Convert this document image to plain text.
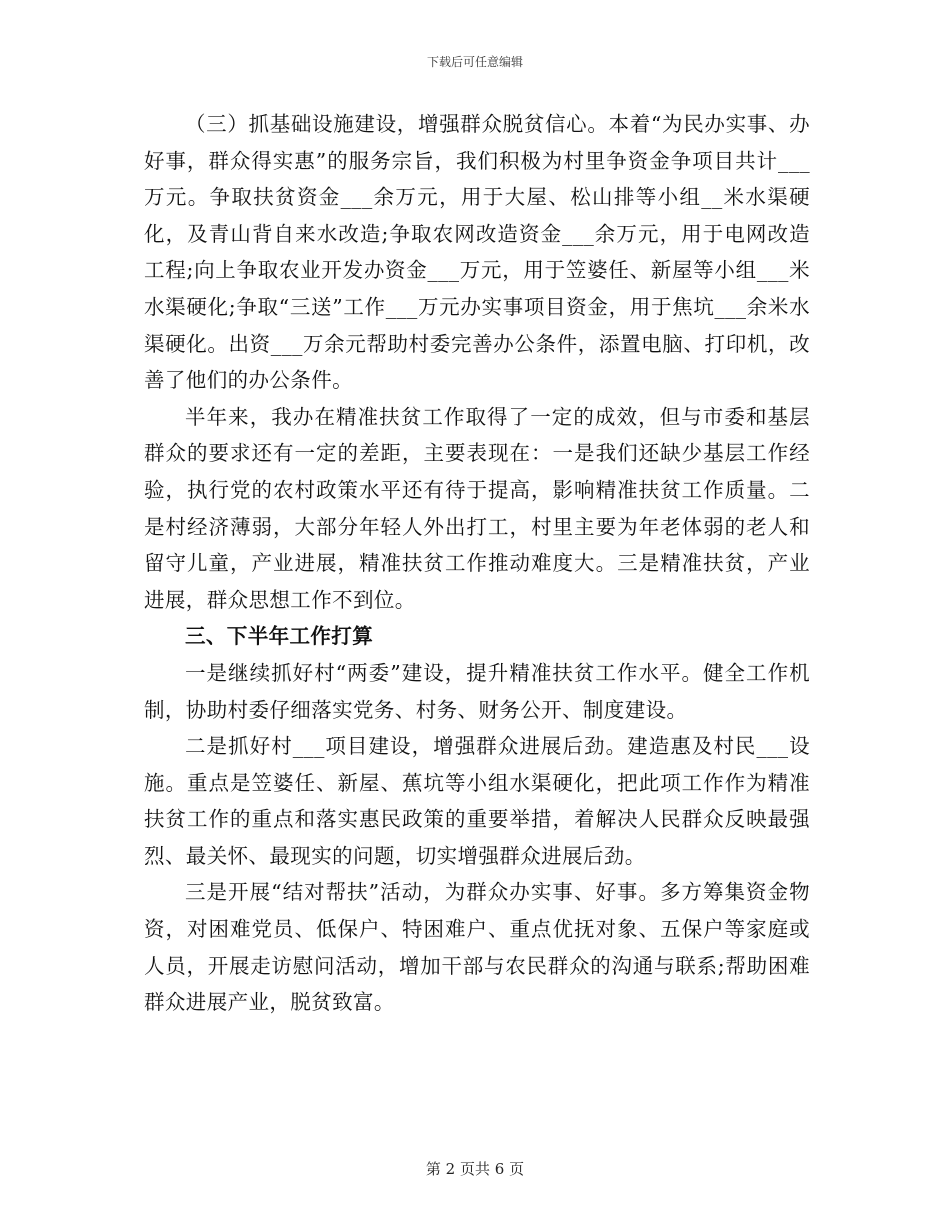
下载后可任意编辑

（三）抓基础设施建设，增强群众脱贫信心。本着“为民办实事、办好事，群众得实惠”的服务宗旨，我们积极为村里争资金争项目共计___万元。争取扶贫资金___余万元，用于大屋、松山排等小组__米水渠硬化，及青山背自来水改造;争取农网改造资金___余万元，用于电网改造工程;向上争取农业开发办资金___万元，用于笠婆任、新屋等小组___米水渠硬化;争取“三送”工作___万元办实事项目资金，用于焦坑___余米水渠硬化。出资___万余元帮助村委完善办公条件，添置电脑、打印机，改善了他们的办公条件。

半年来，我办在精准扶贫工作取得了一定的成效，但与市委和基层群众的要求还有一定的差距，主要表现在：一是我们还缺少基层工作经验，执行党的农村政策水平还有待于提高，影响精准扶贫工作质量。二是村经济薄弱，大部分年轻人外出打工，村里主要为年老体弱的老人和留守儿童，产业进展，精准扶贫工作推动难度大。三是精准扶贫，产业进展，群众思想工作不到位。

三、下半年工作打算

一是继续抓好村“两委”建设，提升精准扶贫工作水平。健全工作机制，协助村委仔细落实党务、村务、财务公开、制度建设。

二是抓好村___项目建设，增强群众进展后劲。建造惠及村民___设施。重点是笠婆任、新屋、蕉坑等小组水渠硬化，把此项工作作为精准扶贫工作的重点和落实惠民政策的重要举措，着解决人民群众反映最强烈、最关怀、最现实的问题，切实增强群众进展后劲。

三是开展“结对帮扶”活动，为群众办实事、好事。多方筹集资金物资，对困难党员、低保户、特困难户、重点优抚对象、五保户等家庭或人员，开展走访慰问活动，增加干部与农民群众的沟通与联系;帮助困难群众进展产业，脱贫致富。

第 2 页共 6 页
